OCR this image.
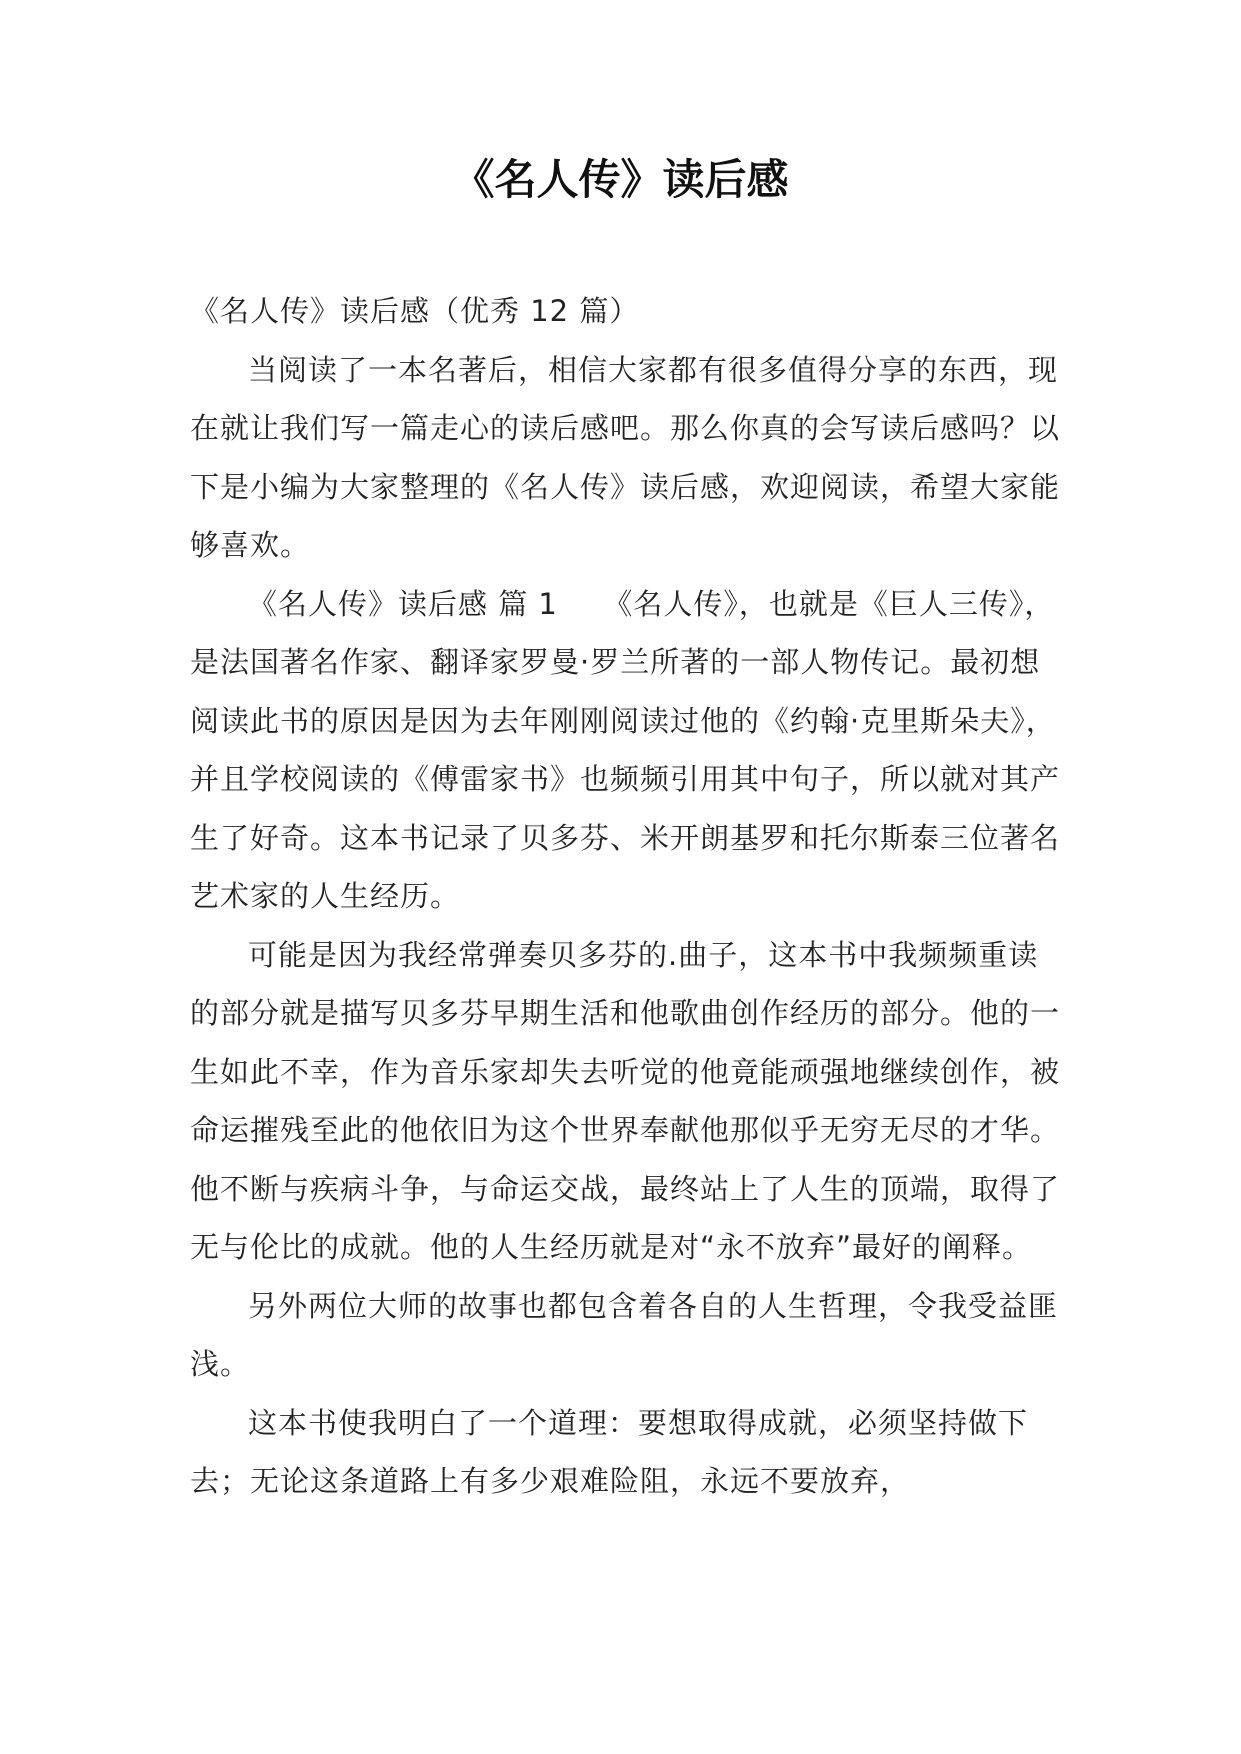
《名人传》读后感

《名人传》读后感（优秀 12 篇）

当阅读了一本名著后，相信大家都有很多值得分享的东西，现在就让我们写一篇走心的读后感吧。那么你真的会写读后感吗？以下是小编为大家整理的《名人传》读后感，欢迎阅读，希望大家能够喜欢。

《名人传》读后感 篇 1　　《名人传》，也就是《巨人三传》，是法国著名作家、翻译家罗曼·罗兰所著的一部人物传记。最初想阅读此书的原因是因为去年刚刚阅读过他的《约翰·克里斯朵夫》，并且学校阅读的《傅雷家书》也频频引用其中句子，所以就对其产生了好奇。这本书记录了贝多芬、米开朗基罗和托尔斯泰三位著名艺术家的人生经历。

可能是因为我经常弹奏贝多芬的.曲子，这本书中我频频重读的部分就是描写贝多芬早期生活和他歌曲创作经历的部分。他的一生如此不幸，作为音乐家却失去听觉的他竟能顽强地继续创作，被命运摧残至此的他依旧为这个世界奉献他那似乎无穷无尽的才华。他不断与疾病斗争，与命运交战，最终站上了人生的顶端，取得了无与伦比的成就。他的人生经历就是对“永不放弃”最好的阐释。

另外两位大师的故事也都包含着各自的人生哲理，令我受益匪浅。

这本书使我明白了一个道理：要想取得成就，必须坚持做下去；无论这条道路上有多少艰难险阻，永远不要放弃，
